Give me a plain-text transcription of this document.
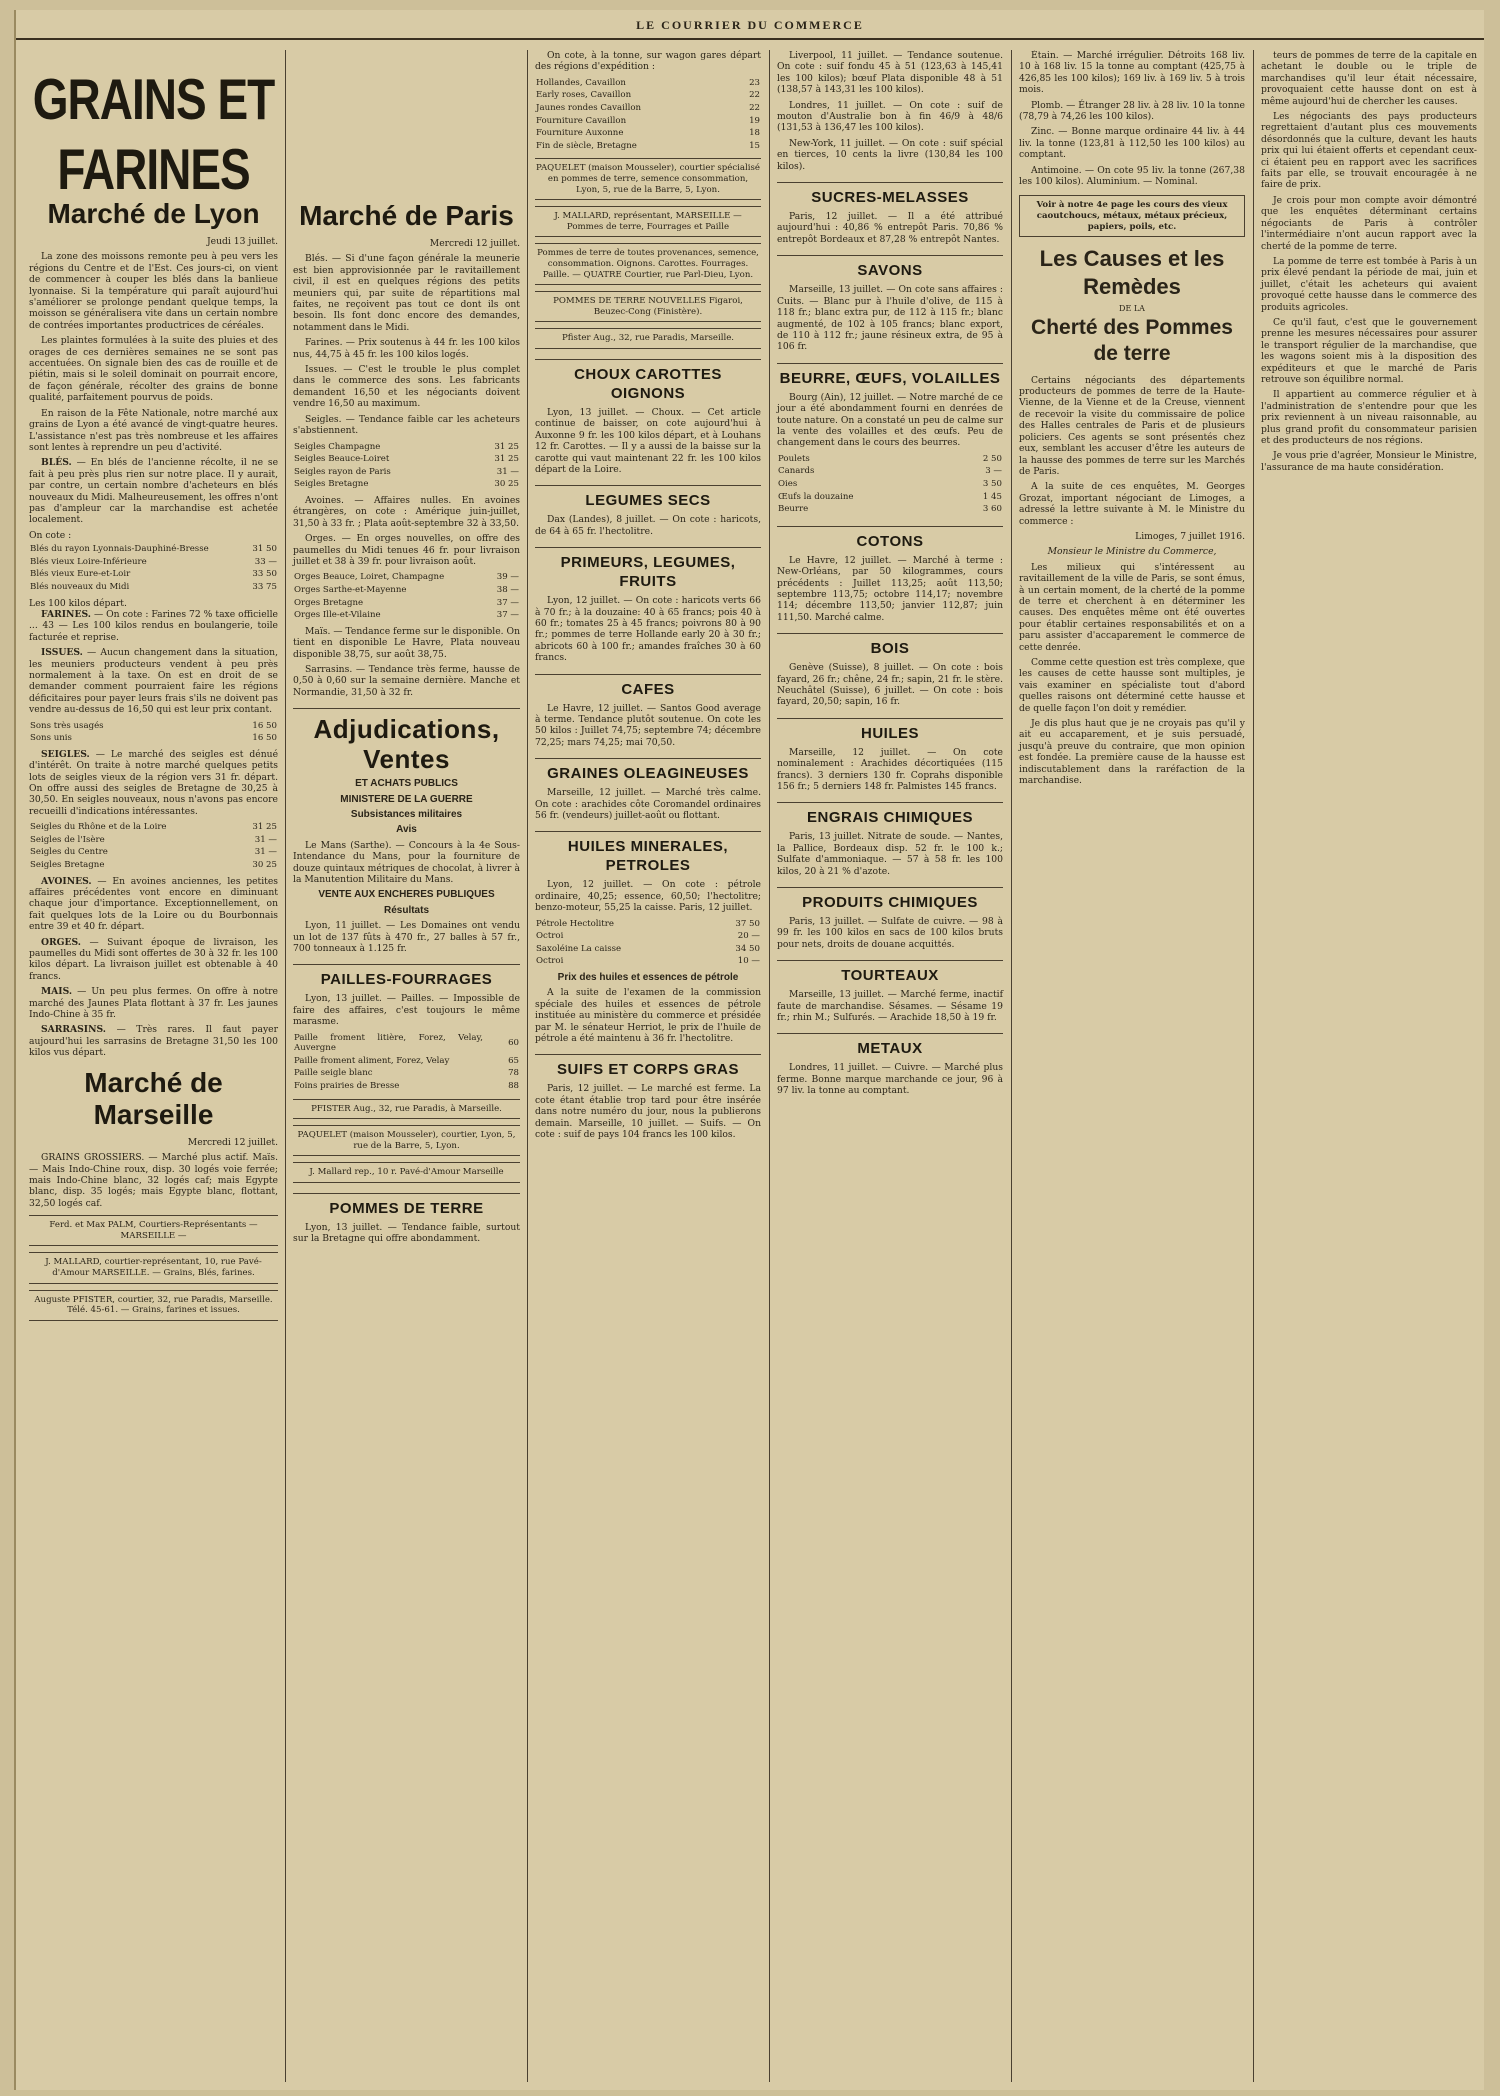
LE COURRIER DU COMMERCE
GRAINS ET FARINES
Marché de Lyon
Jeudi 13 juillet.

La zone des moissons remonte peu à peu vers les régions du Centre et de l'Est. Ces jours-ci, on vient de commencer à couper les blés dans la banlieue lyonnaise. Si la température qui paraît aujourd'hui s'améliorer se prolonge pendant quelque temps, la moisson se généralisera vite dans un certain nombre de contrées importantes productrices de céréales.

Les plaintes formulées à la suite des pluies et des orages de ces dernières semaines ne se sont pas accentuées. On signale bien des cas de rouille et de piétin, mais si le soleil dominait on pourrait encore, de façon générale, récolter des grains de bonne qualité, parfaitement pourvus de poids.

En raison de la Fête Nationale, notre marché aux grains de Lyon a été avancé de vingt-quatre heures. L'assistance n'est pas très nombreuse et les affaires sont lentes à reprendre un peu d'activité.

BLÉS. — En blés de l'ancienne récolte, il ne se fait à peu près plus rien sur notre place. Il y aurait, par contre, un certain nombre d'acheteurs en blés nouveaux du Midi. Malheureusement, les offres n'ont pas d'ampleur car la marchandise est achetée localement.

On cote :
Blés du rayon Lyonnais-Dauphiné-Bresse	31 50
Blés vieux Loire-Inférieure	33 —
Blés vieux Eure-et-Loir	33 50
Blés nouveaux du Midi	33 75
Les 100 kilos départ.

FARINES. — On cote : Farines 72 % taxe officielle ... 43 — Les 100 kilos rendus en boulangerie, toile facturée et reprise.

ISSUES. — Aucun changement dans la situation, les meuniers producteurs vendent à peu près normalement à la taxe. On est en droit de se demander comment pourraient faire les régions déficitaires pour payer leurs frais s'ils ne doivent pas vendre au-dessus de 16,50 qui est leur prix contant.

Sons très usagés	16 50
Sons unis	16 50

SEIGLES. — Le marché des seigles est dénué d'intérêt. On traite à notre marché quelques petits lots de seigles vieux de la région vers 31 fr. départ. On offre aussi des seigles de Bretagne de 30,25 à 30,50. En seigles nouveaux, nous n'avons pas encore recueilli d'indications intéressantes.

Seigles du Rhône et de la Loire	31 25
Seigles de l'Isère	31 —
Seigles du Centre	31 —
Seigles Bretagne	30 25

AVOINES. — En avoines anciennes, les petites affaires précédentes vont encore en diminuant chaque jour d'importance. Exceptionnellement, on fait quelques lots de la Loire ou du Bourbonnais entre 39 et 40 fr. départ.

ORGES. — Suivant époque de livraison, les paumelles du Midi sont offertes de 30 à 32 fr. les 100 kilos départ. La livraison juillet est obtenable à 40 francs.

MAIS. — Un peu plus fermes. On offre à notre marché des Jaunes Plata flottant à 37 fr. Les jaunes Indo-Chine à 35 fr.

SARRASINS. — Très rares. Il faut payer aujourd'hui les sarrasins de Bretagne 31,50 les 100 kilos vus départ.

Marché de Marseille
Mercredi 12 juillet.

GRAINS GROSSIERS. — Marché plus actif. Maïs. — Mais Indo-Chine roux, disp. 30 logés voie ferrée; mais Indo-Chine blanc, 32 logés caf; mais Egypte blanc, disp. 35 logés; mais Egypte blanc, flottant, 32,50 logés caf.

Ferd. et Max PALM, Courtiers-Représentants — MARSEILLE —
J. MALLARD, courtier-représentant, 10, rue Pavé-d'Amour MARSEILLE. — Grains, Blés, farines.
Auguste PFISTER, courtier, 32, rue Paradis, Marseille. Télé. 45-61. — Grains, farines et issues.
Marché de Paris
Mercredi 12 juillet.

Blés. — Si d'une façon générale la meunerie est bien approvisionnée par le ravitaillement civil, il est en quelques régions des petits meuniers qui, par suite de répartitions mal faites, ne reçoivent pas tout ce dont ils ont besoin. Ils font donc encore des demandes, notamment dans le Midi.

Farines. — Prix soutenus à 44 fr. les 100 kilos nus, 44,75 à 45 fr. les 100 kilos logés.

Issues. — C'est le trouble le plus complet dans le commerce des sons. Les fabricants demandent 16,50 et les négociants doivent vendre 16,50 au maximum.

Seigles. — Tendance faible car les acheteurs s'abstiennent.

Seigles Champagne	31 25
Seigles Beauce-Loiret	31 25
Seigles rayon de Paris	31 —
Seigles Bretagne	30 25

Avoines. — Affaires nulles. En avoines étrangères, on cote : Amérique juin-juillet, 31,50 à 33 fr. ; Plata août-septembre 32 à 33,50.

Orges. — En orges nouvelles, on offre des paumelles du Midi tenues 46 fr. pour livraison juillet et 38 à 39 fr. pour livraison août.

Orges Beauce, Loiret, Champagne	39 —
Orges Sarthe-et-Mayenne	38 —
Orges Bretagne	37 —
Orges Ille-et-Vilaine	37 —

Maïs. — Tendance ferme sur le disponible. On tient en disponible Le Havre, Plata nouveau disponible 38,75, sur août 38,75.

Sarrasins. — Tendance très ferme, hausse de 0,50 à 0,60 sur la semaine dernière. Manche et Normandie, 31,50 à 32 fr.

Adjudications, Ventes
ET ACHATS PUBLICS
MINISTERE DE LA GUERRE
Subsistances militaires
Avis

Le Mans (Sarthe). — Concours à la 4e Sous-Intendance du Mans, pour la fourniture de douze quintaux métriques de chocolat, à livrer à la Manutention Militaire du Mans.

VENTE AUX ENCHERES PUBLIQUES
Résultats

Lyon, 11 juillet. — Les Domaines ont vendu un lot de 137 fûts à 470 fr., 27 balles à 57 fr., 700 tonneaux à 1.125 fr.

PAILLES-FOURRAGES

Lyon, 13 juillet. — Pailles. — Impossible de faire des affaires, c'est toujours le même marasme.

Paille froment litière, Forez, Velay, Auvergne	60
Paille froment aliment, Forez, Velay	65
Paille seigle blanc	78
Foins prairies de Bresse	88
PFISTER Aug., 32, rue Paradis, à Marseille.
PAQUELET (maison Mousseler), courtier, Lyon, 5, rue de la Barre, 5, Lyon.
J. Mallard rep., 10 r. Pavé-d'Amour Marseille
POMMES DE TERRE

Lyon, 13 juillet. — Tendance faible, surtout sur la Bretagne qui offre abondamment.

On cote, à la tonne, sur wagon gares départ des régions d'expédition :

Hollandes, Cavaillon	23
Early roses, Cavaillon	22
Jaunes rondes Cavaillon	22
Fourniture Cavaillon	19
Fourniture Auxonne	18
Fin de siècle, Bretagne	15
PAQUELET (maison Mousseler), courtier spécialisé en pommes de terre, semence consommation, Lyon, 5, rue de la Barre, 5, Lyon.
J. MALLARD, représentant, MARSEILLE — Pommes de terre, Fourrages et Paille
Pommes de terre de toutes provenances, semence, consommation. Oignons. Carottes. Fourrages. Paille. — QUATRE Courtier, rue Parl-Dieu, Lyon.
POMMES DE TERRE NOUVELLES Figaroi, Beuzec-Cong (Finistère).
Pfister Aug., 32, rue Paradis, Marseille.
CHOUX CAROTTES OIGNONS

Lyon, 13 juillet. — Choux. — Cet article continue de baisser, on cote aujourd'hui à Auxonne 9 fr. les 100 kilos départ, et à Louhans 12 fr. Carottes. — Il y a aussi de la baisse sur la carotte qui vaut maintenant 22 fr. les 100 kilos départ de la Loire.

LEGUMES SECS

Dax (Landes), 8 juillet. — On cote : haricots, de 64 à 65 fr. l'hectolitre.

PRIMEURS, LEGUMES, FRUITS

Lyon, 12 juillet. — On cote : haricots verts 66 à 70 fr.; à la douzaine: 40 à 65 francs; pois 40 à 60 fr.; tomates 25 à 45 francs; poivrons 80 à 90 fr.; pommes de terre Hollande early 20 à 30 fr.; abricots 60 à 100 fr.; amandes fraîches 30 à 60 francs.

CAFES

Le Havre, 12 juillet. — Santos Good average à terme. Tendance plutôt soutenue. On cote les 50 kilos : Juillet 74,75; septembre 74; décembre 72,25; mars 74,25; mai 70,50.

GRAINES OLEAGINEUSES

Marseille, 12 juillet. — Marché très calme. On cote : arachides côte Coromandel ordinaires 56 fr. (vendeurs) juillet-août ou flottant.

HUILES MINERALES, PETROLES

Lyon, 12 juillet. — On cote : pétrole ordinaire, 40,25; essence, 60,50; l'hectolitre; benzo-moteur, 55,25 la caisse. Paris, 12 juillet.

Pétrole Hectolitre	37 50
Octroi	20 —
Saxoléine La caisse	34 50
Octroi	10 —
Prix des huiles et essences de pétrole

A la suite de l'examen de la commission spéciale des huiles et essences de pétrole instituée au ministère du commerce et présidée par M. le sénateur Herriot, le prix de l'huile de pétrole a été maintenu à 36 fr. l'hectolitre.

SUIFS ET CORPS GRAS

Paris, 12 juillet. — Le marché est ferme. La cote étant établie trop tard pour être insérée dans notre numéro du jour, nous la publierons demain. Marseille, 10 juillet. — Suifs. — On cote : suif de pays 104 francs les 100 kilos.

Liverpool, 11 juillet. — Tendance soutenue. On cote : suif fondu 45 à 51 (123,63 à 145,41 les 100 kilos); bœuf Plata disponible 48 à 51 (138,57 à 143,31 les 100 kilos).

Londres, 11 juillet. — On cote : suif de mouton d'Australie bon à fin 46/9 à 48/6 (131,53 à 136,47 les 100 kilos).

New-York, 11 juillet. — On cote : suif spécial en tierces, 10 cents la livre (130,84 les 100 kilos).

SUCRES-MELASSES

Paris, 12 juillet. — Il a été attribué aujourd'hui : 40,86 % entrepôt Paris. 70,86 % entrepôt Bordeaux et 87,28 % entrepôt Nantes.

SAVONS

Marseille, 13 juillet. — On cote sans affaires : Cuits. — Blanc pur à l'huile d'olive, de 115 à 118 fr.; blanc extra pur, de 112 à 115 fr.; blanc augmenté, de 102 à 105 francs; blanc export, de 110 à 112 fr.; jaune résineux extra, de 95 à 106 fr.

BEURRE, ŒUFS, VOLAILLES

Bourg (Ain), 12 juillet. — Notre marché de ce jour a été abondamment fourni en denrées de toute nature. On a constaté un peu de calme sur la vente des volailles et des œufs. Peu de changement dans le cours des beurres.

Poulets	2 50
Canards	3 —
Oies	3 50
Œufs la douzaine	1 45
Beurre	3 60
COTONS

Le Havre, 12 juillet. — Marché à terme : New-Orléans, par 50 kilogrammes, cours précédents : Juillet 113,25; août 113,50; septembre 113,75; octobre 114,17; novembre 114; décembre 113,50; janvier 112,87; juin 111,50. Marché calme.

BOIS

Genève (Suisse), 8 juillet. — On cote : bois fayard, 26 fr.; chêne, 24 fr.; sapin, 21 fr. le stère. Neuchâtel (Suisse), 6 juillet. — On cote : bois fayard, 20,50; sapin, 16 fr.

HUILES

Marseille, 12 juillet. — On cote nominalement : Arachides décortiquées (115 francs). 3 derniers 130 fr. Coprahs disponible 156 fr.; 5 derniers 148 fr. Palmistes 145 francs.

ENGRAIS CHIMIQUES

Paris, 13 juillet. Nitrate de soude. — Nantes, la Pallice, Bordeaux disp. 52 fr. le 100 k.; Sulfate d'ammoniaque. — 57 à 58 fr. les 100 kilos, 20 à 21 % d'azote.

PRODUITS CHIMIQUES

Paris, 13 juillet. — Sulfate de cuivre. — 98 à 99 fr. les 100 kilos en sacs de 100 kilos bruts pour nets, droits de douane acquittés.

TOURTEAUX

Marseille, 13 juillet. — Marché ferme, inactif faute de marchandise. Sésames. — Sésame 19 fr.; rhin M.; Sulfurés. — Arachide 18,50 à 19 fr.

METAUX

Londres, 11 juillet. — Cuivre. — Marché plus ferme. Bonne marque marchande ce jour, 96 à 97 liv. la tonne au comptant.

Étain. — Marché irrégulier. Détroits 168 liv. 10 à 168 liv. 15 la tonne au comptant (425,75 à 426,85 les 100 kilos); 169 liv. à 169 liv. 5 à trois mois.

Plomb. — Étranger 28 liv. à 28 liv. 10 la tonne (78,79 à 74,26 les 100 kilos).

Zinc. — Bonne marque ordinaire 44 liv. à 44 liv. la tonne (123,81 à 112,50 les 100 kilos) au comptant.

Antimoine. — On cote 95 liv. la tonne (267,38 les 100 kilos). Aluminium. — Nominal.

Voir à notre 4e page les cours des vieux caoutchoucs, métaux, métaux précieux, papiers, poils, etc.
Les Causes et les Remèdes
DE LA
Cherté des Pommes de terre

Certains négociants des départements producteurs de pommes de terre de la Haute-Vienne, de la Vienne et de la Creuse, viennent de recevoir la visite du commissaire de police des Halles centrales de Paris et de plusieurs policiers. Ces agents se sont présentés chez eux, semblant les accuser d'être les auteurs de la hausse des pommes de terre sur les Marchés de Paris.

A la suite de ces enquêtes, M. Georges Grozat, important négociant de Limoges, a adressé la lettre suivante à M. le Ministre du commerce :

Limoges, 7 juillet 1916.
Monsieur le Ministre du Commerce,

Les milieux qui s'intéressent au ravitaillement de la ville de Paris, se sont émus, à un certain moment, de la cherté de la pomme de terre et cherchent à en déterminer les causes. Des enquêtes même ont été ouvertes pour établir certaines responsabilités et on a paru assister d'accaparement le commerce de cette denrée.

Comme cette question est très complexe, que les causes de cette hausse sont multiples, je vais examiner en spécialiste tout d'abord quelles raisons ont déterminé cette hausse et de quelle façon l'on doit y remédier.

Je dis plus haut que je ne croyais pas qu'il y ait eu accaparement, et je suis persuadé, jusqu'à preuve du contraire, que mon opinion est fondée. La première cause de la hausse est indiscutablement dans la raréfaction de la marchandise.

teurs de pommes de terre de la capitale en achetant le double ou le triple de marchandises qu'il leur était nécessaire, provoquaient cette hausse dont on est à même aujourd'hui de chercher les causes.

Les négociants des pays producteurs regrettaient d'autant plus ces mouvements désordonnés que la culture, devant les hauts prix qui lui étaient offerts et cependant ceux-ci étaient peu en rapport avec les sacrifices faits par elle, se trouvait encouragée à ne faire de prix.

Je crois pour mon compte avoir démontré que les enquêtes déterminant certains négociants de Paris à contrôler l'intermédiaire n'ont aucun rapport avec la cherté de la pomme de terre.

La pomme de terre est tombée à Paris à un prix élevé pendant la période de mai, juin et juillet, c'était les acheteurs qui avaient provoqué cette hausse dans le commerce des produits agricoles.

Ce qu'il faut, c'est que le gouvernement prenne les mesures nécessaires pour assurer le transport régulier de la marchandise, que les wagons soient mis à la disposition des expéditeurs et que le marché de Paris retrouve son équilibre normal.

Il appartient au commerce régulier et à l'administration de s'entendre pour que les prix reviennent à un niveau raisonnable, au plus grand profit du consommateur parisien et des producteurs de nos régions.

Je vous prie d'agréer, Monsieur le Ministre, l'assurance de ma haute considération.
